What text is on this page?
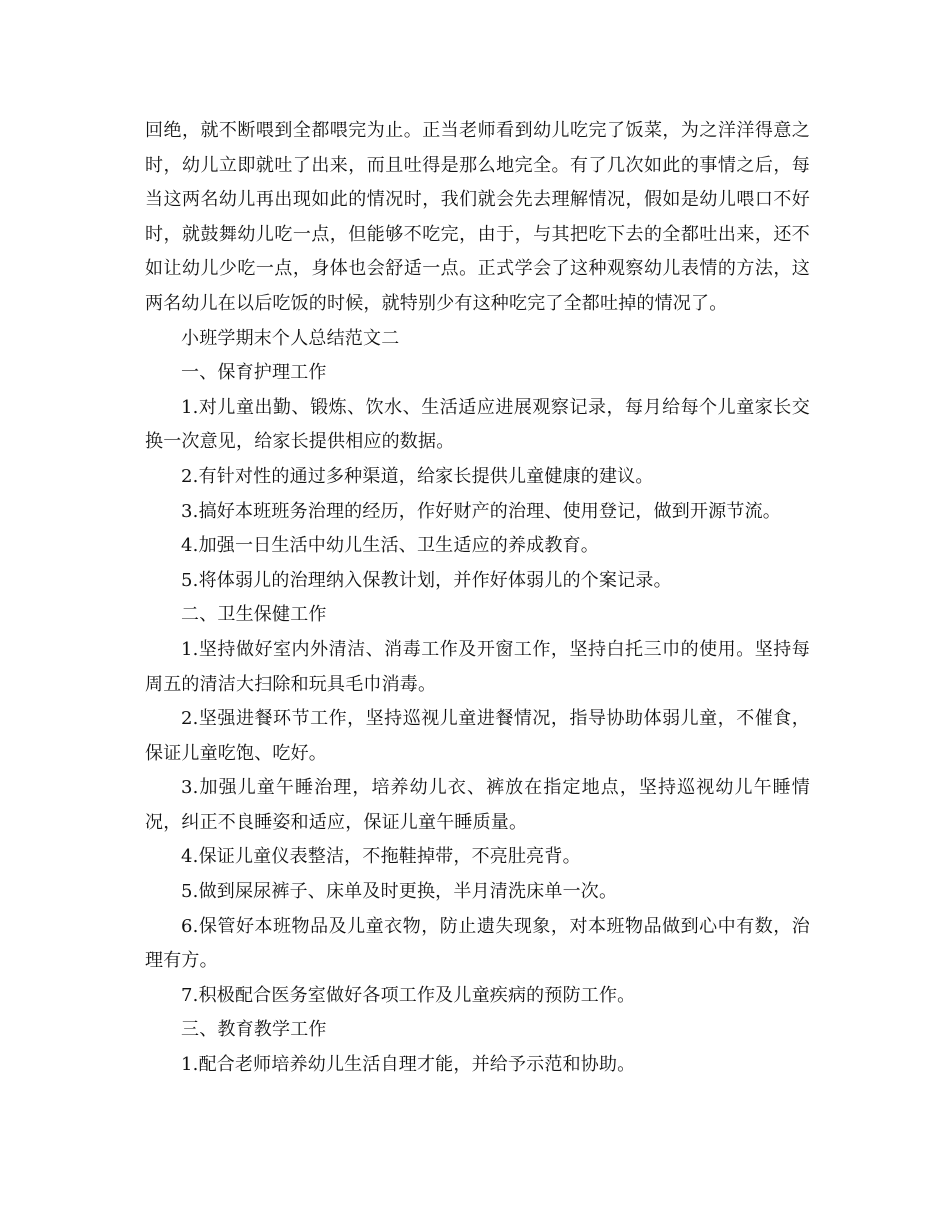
回绝，就不断喂到全都喂完为止。正当老师看到幼儿吃完了饭菜，为之洋洋得意之时，幼儿立即就吐了出来，而且吐得是那么地完全。有了几次如此的事情之后，每当这两名幼儿再出现如此的情况时，我们就会先去理解情况，假如是幼儿喂口不好时，就鼓舞幼儿吃一点，但能够不吃完，由于，与其把吃下去的全都吐出来，还不如让幼儿少吃一点，身体也会舒适一点。正式学会了这种观察幼儿表情的方法，这两名幼儿在以后吃饭的时候，就特别少有这种吃完了全都吐掉的情况了。

小班学期末个人总结范文二

一、保育护理工作

1.对儿童出勤、锻炼、饮水、生活适应进展观察记录，每月给每个儿童家长交换一次意见，给家长提供相应的数据。

2.有针对性的通过多种渠道，给家长提供儿童健康的建议。

3.搞好本班班务治理的经历，作好财产的治理、使用登记，做到开源节流。

4.加强一日生活中幼儿生活、卫生适应的养成教育。

5.将体弱儿的治理纳入保教计划，并作好体弱儿的个案记录。

二、卫生保健工作

1.坚持做好室内外清洁、消毒工作及开窗工作，坚持白托三巾的使用。坚持每周五的清洁大扫除和玩具毛巾消毒。

2.坚强进餐环节工作，坚持巡视儿童进餐情况，指导协助体弱儿童，不催食，保证儿童吃饱、吃好。

3.加强儿童午睡治理，培养幼儿衣、裤放在指定地点，坚持巡视幼儿午睡情况，纠正不良睡姿和适应，保证儿童午睡质量。

4.保证儿童仪表整洁，不拖鞋掉带，不亮肚亮背。

5.做到屎尿裤子、床单及时更换，半月清洗床单一次。

6.保管好本班物品及儿童衣物，防止遗失现象，对本班物品做到心中有数，治理有方。

7.积极配合医务室做好各项工作及儿童疾病的预防工作。

三、教育教学工作

1.配合老师培养幼儿生活自理才能，并给予示范和协助。
